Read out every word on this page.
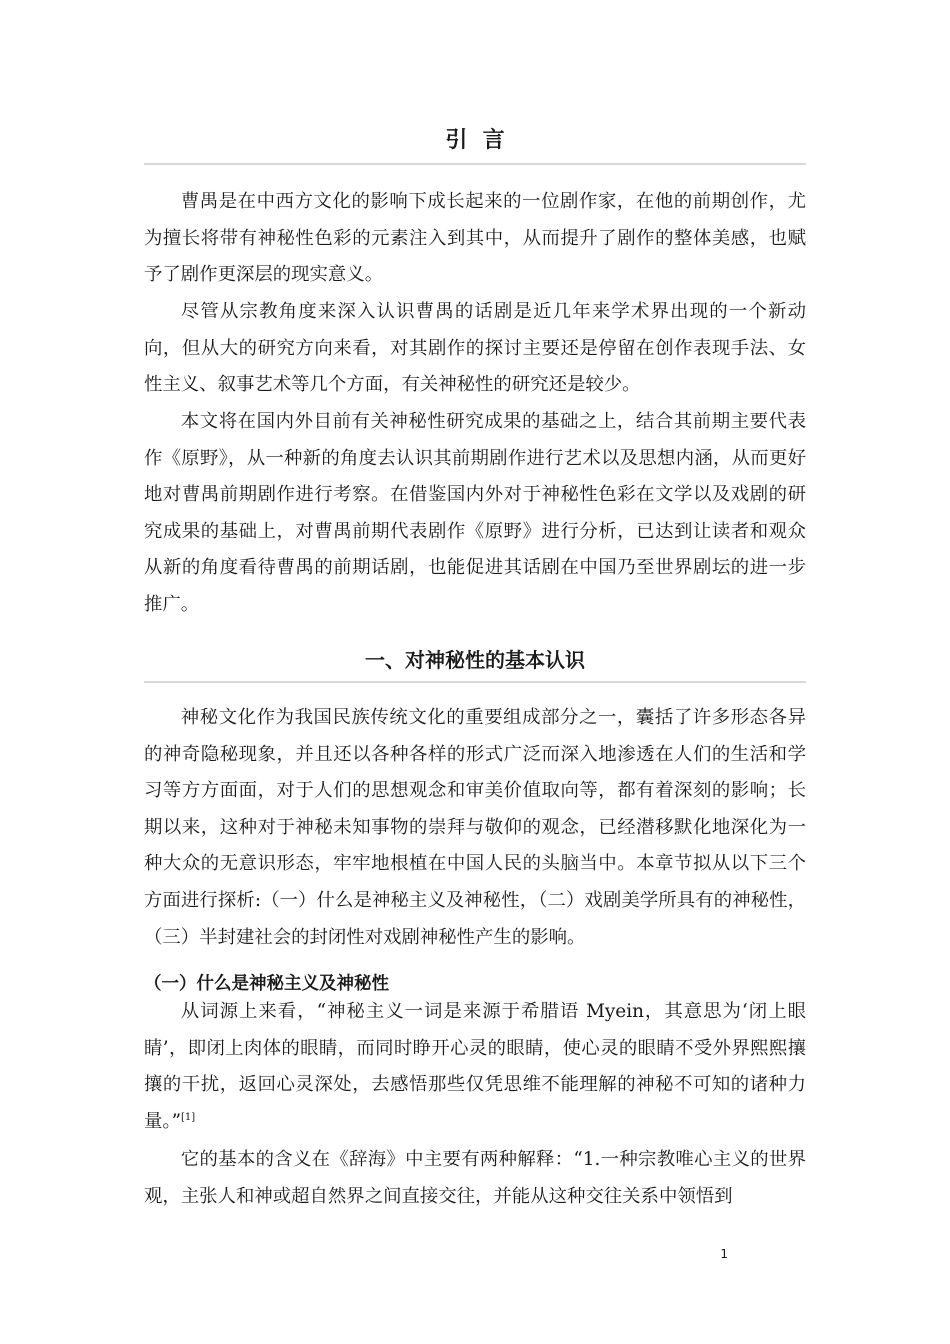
引  言

曹禺是在中西方文化的影响下成长起来的一位剧作家，在他的前期创作，尤为擅长将带有神秘性色彩的元素注入到其中，从而提升了剧作的整体美感，也赋予了剧作更深层的现实意义。

尽管从宗教角度来深入认识曹禺的话剧是近几年来学术界出现的一个新动向，但从大的研究方向来看，对其剧作的探讨主要还是停留在创作表现手法、女性主义、叙事艺术等几个方面，有关神秘性的研究还是较少。

本文将在国内外目前有关神秘性研究成果的基础之上，结合其前期主要代表作《原野》，从一种新的角度去认识其前期剧作进行艺术以及思想内涵，从而更好地对曹禺前期剧作进行考察。在借鉴国内外对于神秘性色彩在文学以及戏剧的研究成果的基础上，对曹禺前期代表剧作《原野》进行分析，已达到让读者和观众从新的角度看待曹禺的前期话剧，也能促进其话剧在中国乃至世界剧坛的进一步推广。

一、对神秘性的基本认识

神秘文化作为我国民族传统文化的重要组成部分之一，囊括了许多形态各异的神奇隐秘现象，并且还以各种各样的形式广泛而深入地渗透在人们的生活和学习等方方面面，对于人们的思想观念和审美价值取向等，都有着深刻的影响；长期以来，这种对于神秘未知事物的崇拜与敬仰的观念，已经潜移默化地深化为一种大众的无意识形态，牢牢地根植在中国人民的头脑当中。本章节拟从以下三个方面进行探析:（一）什么是神秘主义及神秘性，（二）戏剧美学所具有的神秘性，（三）半封建社会的封闭性对戏剧神秘性产生的影响。

（一）什么是神秘主义及神秘性

从词源上来看，“神秘主义一词是来源于希腊语 Myein，其意思为‘闭上眼睛’，即闭上肉体的眼睛，而同时睁开心灵的眼睛，使心灵的眼睛不受外界熙熙攘攘的干扰，返回心灵深处，去感悟那些仅凭思维不能理解的神秘不可知的诸种力量。”[1]

它的基本的含义在《辞海》中主要有两种解释：“1.一种宗教唯心主义的世界观，主张人和神或超自然界之间直接交往，并能从这种交往关系中领悟到

1
